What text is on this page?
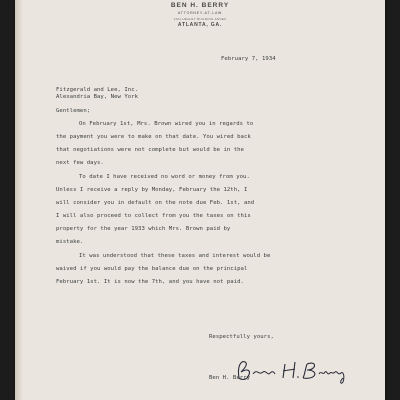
BEN H. BERRY
ATTORNEY-AT-LAW
1101 HEALEY BUILDING ANNEX
ATLANTA, GA.
February 7, 1934
Fitzgerald and Lee, Inc.
Alexandria Bay, New York
Gentlemen;
On February 1st, Mrs. Brown wired you in regards to
the payment you were to make on that date. You wired back
that negotiations were not complete but would be in the
next few days.
To date I have received no word or money from you.
Unless I receive a reply by Monday, February the 12th, I
will consider you in default on the note due Feb. 1st, and
I will also proceed to collect from you the taxes on this
property for the year 1933 which Mrs. Brown paid by
mistake.
It was understood that these taxes and interest would be
waived if you would pay the balance due on the principal
February 1st. It is now the 7th, and you have not paid.
Respectfully yours,
Ben H. Berry
